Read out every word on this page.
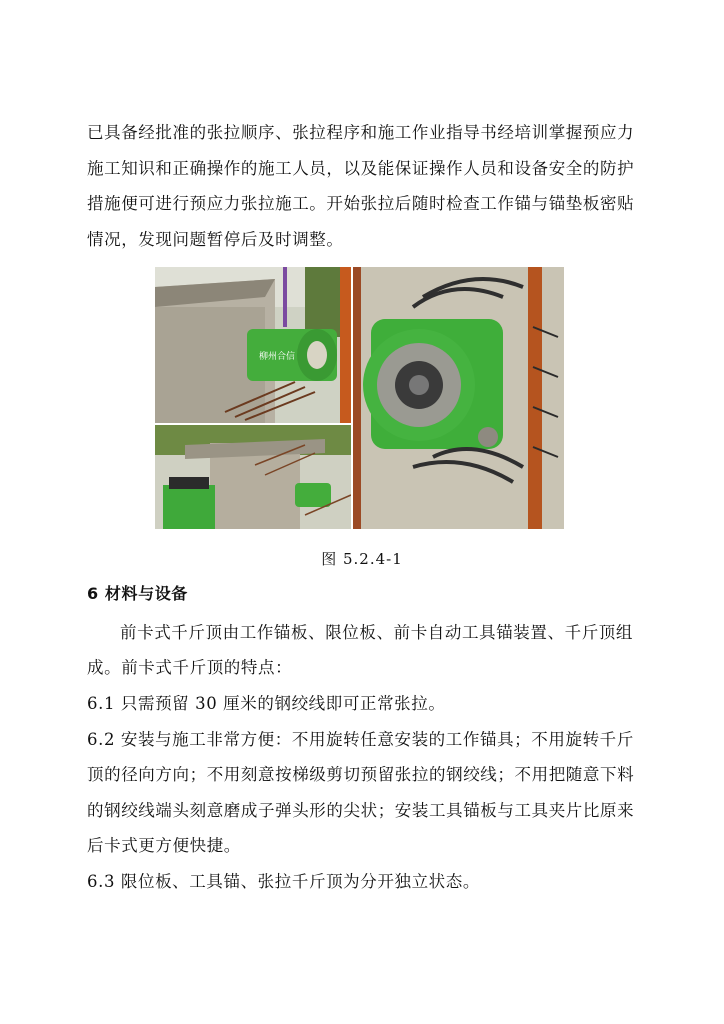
已具备经批准的张拉顺序、张拉程序和施工作业指导书经培训掌握预应力
施工知识和正确操作的施工人员，以及能保证操作人员和设备安全的防护
措施便可进行预应力张拉施工。开始张拉后随时检查工作锚与锚垫板密贴
情况，发现问题暂停后及时调整。
柳州合信
图 5.2.4-1
6 材料与设备
前卡式千斤顶由工作锚板、限位板、前卡自动工具锚装置、千斤顶组
成。前卡式千斤顶的特点：
6.1 只需预留 30 厘米的钢绞线即可正常张拉。
6.2 安装与施工非常方便：不用旋转任意安装的工作锚具；不用旋转千斤
顶的径向方向；不用刻意按梯级剪切预留张拉的钢绞线；不用把随意下料
的钢绞线端头刻意磨成子弹头形的尖状；安装工具锚板与工具夹片比原来
后卡式更方便快捷。
6.3 限位板、工具锚、张拉千斤顶为分开独立状态。
